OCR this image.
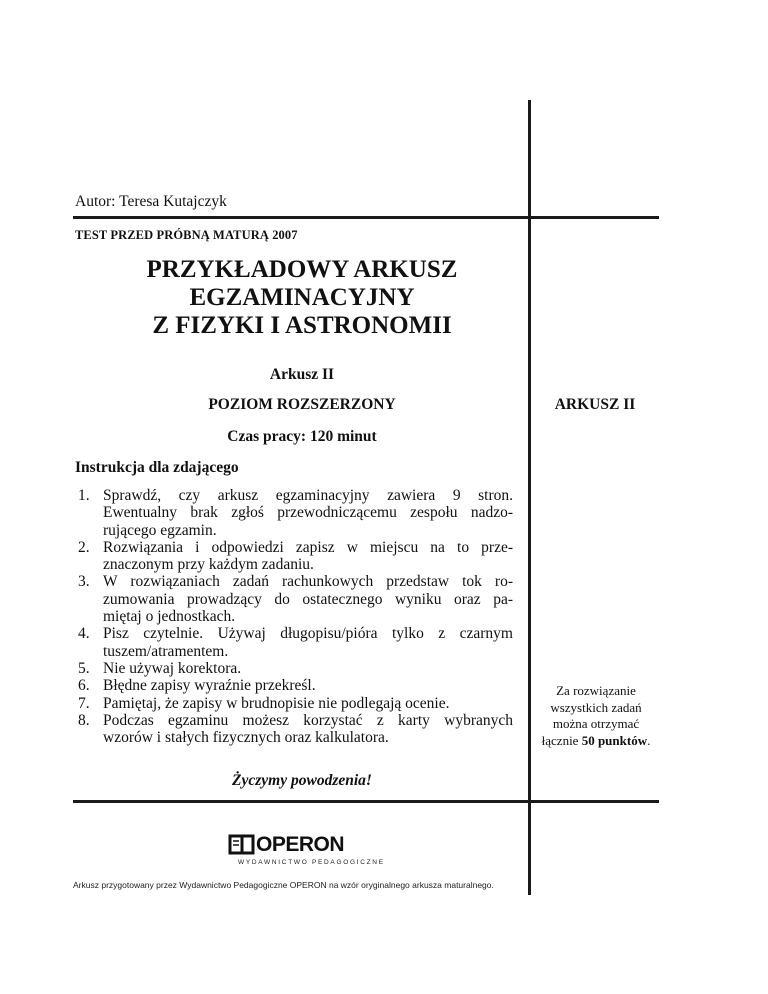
Autor: Teresa Kutajczyk
TEST PRZED PRÓBNĄ MATURĄ 2007
PRZYKŁADOWY ARKUSZ
EGZAMINACYJNY
Z FIZYKI I ASTRONOMII
Arkusz II
POZIOM ROZSZERZONY
Czas pracy: 120 minut
ARKUSZ II
Instrukcja dla zdającego
1. Sprawdź, czy arkusz egzaminacyjny zawiera 9 stron.
Ewentualny brak zgłoś przewodniczącemu zespołu nadzo-
rującego egzamin.
2. Rozwiązania i odpowiedzi zapisz w miejscu na to prze-
znaczonym przy każdym zadaniu.
3. W rozwiązaniach zadań rachunkowych przedstaw tok ro-
zumowania prowadzący do ostatecznego wyniku oraz pa-
miętaj o jednostkach.
4. Pisz czytelnie. Używaj długopisu/pióra tylko z czarnym
tuszem/atramentem.
5. Nie używaj korektora.
6. Błędne zapisy wyraźnie przekreśl.
7. Pamiętaj, że zapisy w brudnopisie nie podlegają ocenie.
8. Podczas egzaminu możesz korzystać z karty wybranych
wzorów i stałych fizycznych oraz kalkulatora.
Życzymy powodzenia!
Za rozwiązanie
wszystkich zadań
można otrzymać
łącznie 50 punktów.
OPERON
WYDAWNICTWO PEDAGOGICZNE
Arkusz przygotowany przez Wydawnictwo Pedagogiczne OPERON na wzór oryginalnego arkusza maturalnego.
